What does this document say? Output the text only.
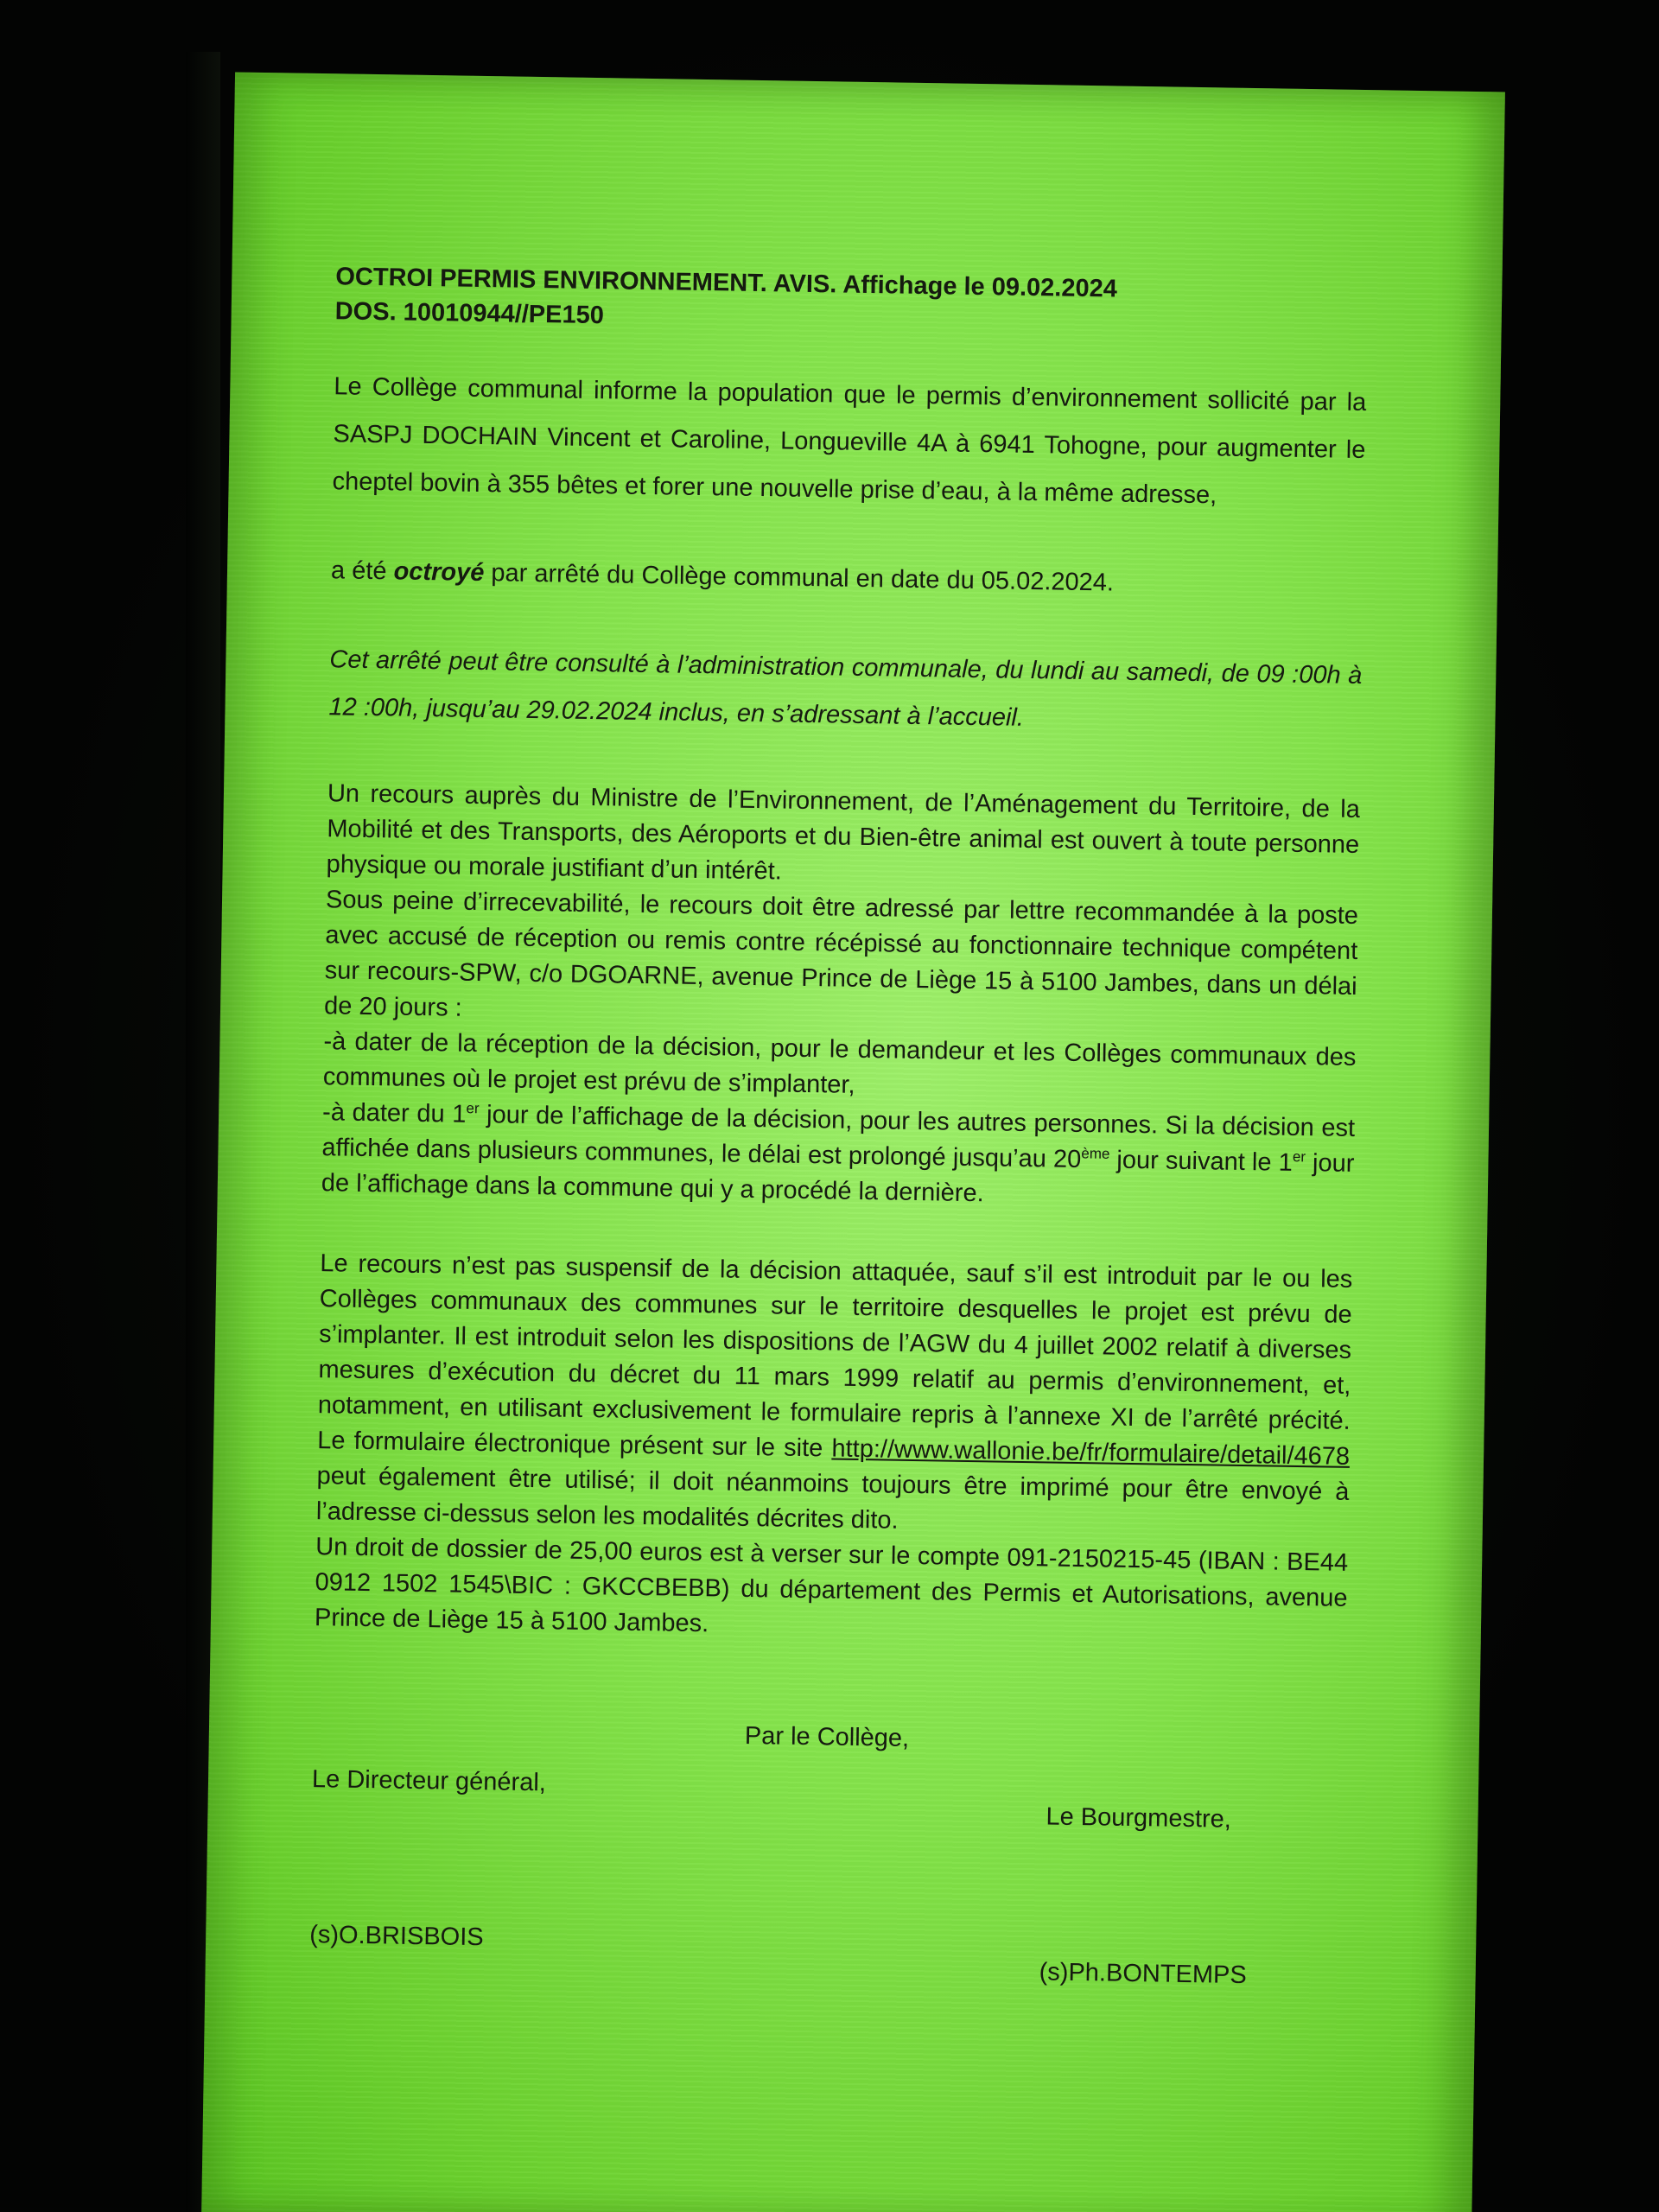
OCTROI PERMIS ENVIRONNEMENT. AVIS. Affichage le 09.02.2024

DOS. 10010944//PE150

Le Collège communal informe la population que le permis d’environnement sollicité par la SASPJ DOCHAIN Vincent et Caroline, Longueville 4A à 6941 Tohogne, pour augmenter le cheptel bovin à 355 bêtes et forer une nouvelle prise d’eau, à la même adresse,

a été octroyé par arrêté du Collège communal en date du 05.02.2024.

Cet arrêté peut être consulté à l’administration communale, du lundi au samedi, de 09 :00h à 12 :00h, jusqu’au 29.02.2024 inclus, en s’adressant à l’accueil.

Un recours auprès du Ministre de l’Environnement, de l’Aménagement du Territoire, de la Mobilité et des Transports, des Aéroports et du Bien-être animal est ouvert à toute personne physique ou morale justifiant d’un intérêt.

Sous peine d’irrecevabilité, le recours doit être adressé par lettre recommandée à la poste avec accusé de réception ou remis contre récépissé au fonctionnaire technique compétent sur recours-SPW, c/o DGOARNE, avenue Prince de Liège 15 à 5100 Jambes, dans un délai de 20 jours :

-à dater de la réception de la décision, pour le demandeur et les Collèges communaux des communes où le projet est prévu de s’implanter,

-à dater du 1er jour de l’affichage de la décision, pour les autres personnes. Si la décision est affichée dans plusieurs communes, le délai est prolongé jusqu’au 20ème jour suivant le 1er jour de l’affichage dans la commune qui y a procédé la dernière.

Le recours n’est pas suspensif de la décision attaquée, sauf s’il est introduit par le ou les Collèges communaux des communes sur le territoire desquelles le projet est prévu de s’implanter. Il est introduit selon les dispositions de l’AGW du 4 juillet 2002 relatif à diverses mesures d’exécution du décret du 11 mars 1999 relatif au permis d’environnement, et, notamment, en utilisant exclusivement le formulaire repris à l’annexe XI de l’arrêté précité. Le formulaire électronique présent sur le site http://www.wallonie.be/fr/formulaire/detail/4678 peut également être utilisé; il doit néanmoins toujours être imprimé pour être envoyé à l’adresse ci-dessus selon les modalités décrites dito.

Un droit de dossier de 25,00 euros est à verser sur le compte 091-2150215-45 (IBAN : BE44 0912 1502 1545\BIC : GKCCBEBB) du département des Permis et Autorisations, avenue Prince de Liège 15 à 5100 Jambes.

Par le Collège,
Le Directeur général,
Le Bourgmestre,
(s)O.BRISBOIS
(s)Ph.BONTEMPS
